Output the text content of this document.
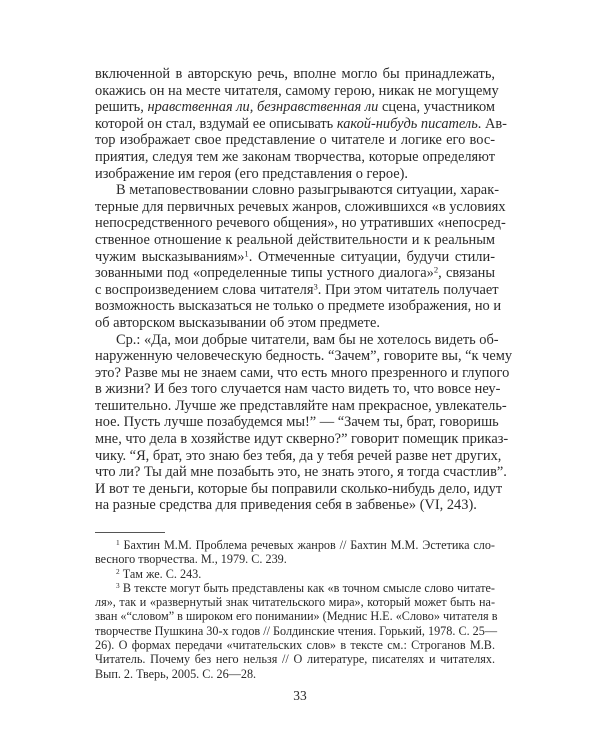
включенной в авторскую речь, вполне могло бы принадлежать,
окажись он на месте читателя, самому герою, никак не могущему
решить, нравственная ли, безнравственная ли сцена, участником
которой он стал, вздумай ее описывать какой-нибудь писатель. Ав-
тор изображает свое представление о читателе и логике его вос-
приятия, следуя тем же законам творчества, которые определяют
изображение им героя (его представления о герое).
В метаповествовании словно разыгрываются ситуации, харак-
терные для первичных речевых жанров, сложившихся «в условиях
непосредственного речевого общения», но утративших «непосред-
ственное отношение к реальной действительности и к реальным
чужим высказываниям»$^1$. Отмеченные ситуации, будучи стили-
зованными под «определенные типы устного диалога»$^2$, связаны
с воспроизведением слова читателя$^3$. При этом читатель получает
возможность высказаться не только о предмете изображения, но и
об авторском высказывании об этом предмете.
Ср.: «Да, мои добрые читатели, вам бы не хотелось видеть об-
наруженную человеческую бедность. “Зачем”, говорите вы, “к чему
это? Разве мы не знаем сами, что есть много презренного и глупого
в жизни? И без того случается нам часто видеть то, что вовсе неу-
тешительно. Лучше же представляйте нам прекрасное, увлекатель-
ное. Пусть лучше позабудемся мы!” — “Зачем ты, брат, говоришь
мне, что дела в хозяйстве идут скверно?” говорит помещик приказ-
чику. “Я, брат, это знаю без тебя, да у тебя речей разве нет других,
что ли? Ты дай мне позабыть это, не знать этого, я тогда счастлив”.
И вот те деньги, которые бы поправили сколько-нибудь дело, идут
на разные средства для приведения себя в забвенье» (VI, 243).
$^1$ Бахтин М.М. Проблема речевых жанров // Бахтин М.М. Эстетика сло-
весного творчества. М., 1979. С. 239.
$^2$ Там же. С. 243.
$^3$ В тексте могут быть представлены как «в точном смысле слово читате-
ля», так и «развернутый знак читательского мира», который может быть на-
зван «“словом” в широком его понимании» (Меднис Н.Е. «Слово» читателя в
творчестве Пушкина 30-х годов // Болдинские чтения. Горький, 1978. С. 25—
26). О формах передачи «читательских слов» в тексте см.: Строганов М.В.
Читатель. Почему без него нельзя // О литературе, писателях и читателях.
Вып. 2. Тверь, 2005. С. 26—28.
33
